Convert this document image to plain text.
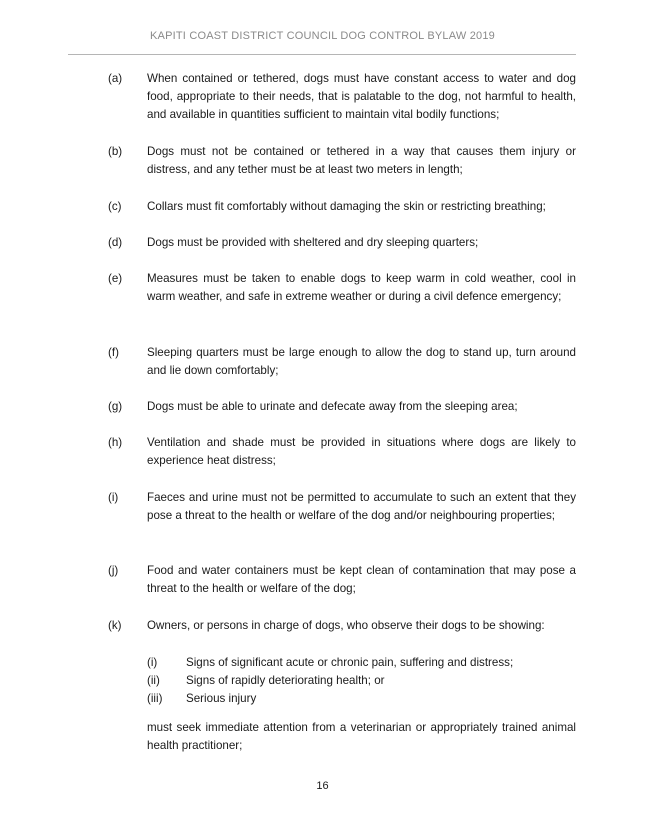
KAPITI COAST DISTRICT COUNCIL DOG CONTROL BYLAW 2019
(a) When contained or tethered, dogs must have constant access to water and dog food, appropriate to their needs, that is palatable to the dog, not harmful to health, and available in quantities sufficient to maintain vital bodily functions;
(b) Dogs must not be contained or tethered in a way that causes them injury or distress, and any tether must be at least two meters in length;
(c) Collars must fit comfortably without damaging the skin or restricting breathing;
(d) Dogs must be provided with sheltered and dry sleeping quarters;
(e) Measures must be taken to enable dogs to keep warm in cold weather, cool in warm weather, and safe in extreme weather or during a civil defence emergency;
(f) Sleeping quarters must be large enough to allow the dog to stand up, turn around and lie down comfortably;
(g) Dogs must be able to urinate and defecate away from the sleeping area;
(h) Ventilation and shade must be provided in situations where dogs are likely to experience heat distress;
(i) Faeces and urine must not be permitted to accumulate to such an extent that they pose a threat to the health or welfare of the dog and/or neighbouring properties;
(j) Food and water containers must be kept clean of contamination that may pose a threat to the health or welfare of the dog;
(k) Owners, or persons in charge of dogs, who observe their dogs to be showing:
(i) Signs of significant acute or chronic pain, suffering and distress;
(ii) Signs of rapidly deteriorating health; or
(iii) Serious injury
must seek immediate attention from a veterinarian or appropriately trained animal health practitioner;
16
